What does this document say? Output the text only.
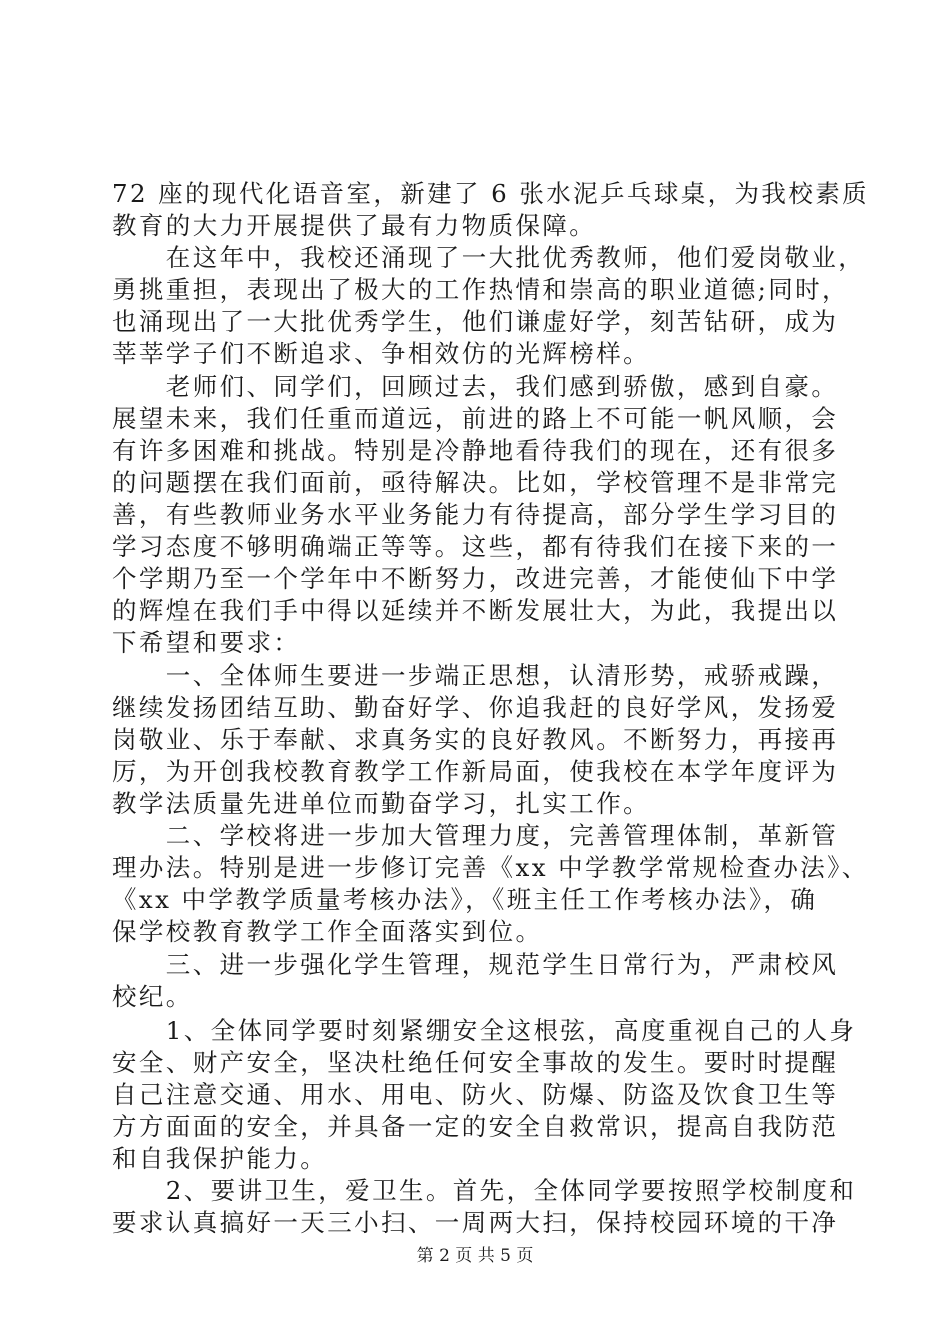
72 座的现代化语音室，新建了 6 张水泥乒乓球桌，为我校素质
教育的大力开展提供了最有力物质保障。
　　在这年中，我校还涌现了一大批优秀教师，他们爱岗敬业，
勇挑重担，表现出了极大的工作热情和崇高的职业道德;同时，
也涌现出了一大批优秀学生，他们谦虚好学，刻苦钻研，成为
莘莘学子们不断追求、争相效仿的光辉榜样。
　　老师们、同学们，回顾过去，我们感到骄傲，感到自豪。
展望未来，我们任重而道远，前进的路上不可能一帆风顺，会
有许多困难和挑战。特别是冷静地看待我们的现在，还有很多
的问题摆在我们面前，亟待解决。比如，学校管理不是非常完
善，有些教师业务水平业务能力有待提高，部分学生学习目的
学习态度不够明确端正等等。这些，都有待我们在接下来的一
个学期乃至一个学年中不断努力，改进完善，才能使仙下中学
的辉煌在我们手中得以延续并不断发展壮大，为此，我提出以
下希望和要求：
　　一、全体师生要进一步端正思想，认清形势，戒骄戒躁，
继续发扬团结互助、勤奋好学、你追我赶的良好学风，发扬爱
岗敬业、乐于奉献、求真务实的良好教风。不断努力，再接再
厉，为开创我校教育教学工作新局面，使我校在本学年度评为
教学法质量先进单位而勤奋学习，扎实工作。
　　二、学校将进一步加大管理力度，完善管理体制，革新管
理办法。特别是进一步修订完善《xx 中学教学常规检查办法》、
《xx 中学教学质量考核办法》，《班主任工作考核办法》，确
保学校教育教学工作全面落实到位。
　　三、进一步强化学生管理，规范学生日常行为，严肃校风
校纪。
　　1、全体同学要时刻紧绷安全这根弦，高度重视自己的人身
安全、财产安全，坚决杜绝任何安全事故的发生。要时时提醒
自己注意交通、用水、用电、防火、防爆、防盗及饮食卫生等
方方面面的安全，并具备一定的安全自救常识，提高自我防范
和自我保护能力。
　　2、要讲卫生，爱卫生。首先，全体同学要按照学校制度和
要求认真搞好一天三小扫、一周两大扫，保持校园环境的干净
第 2 页 共 5 页
